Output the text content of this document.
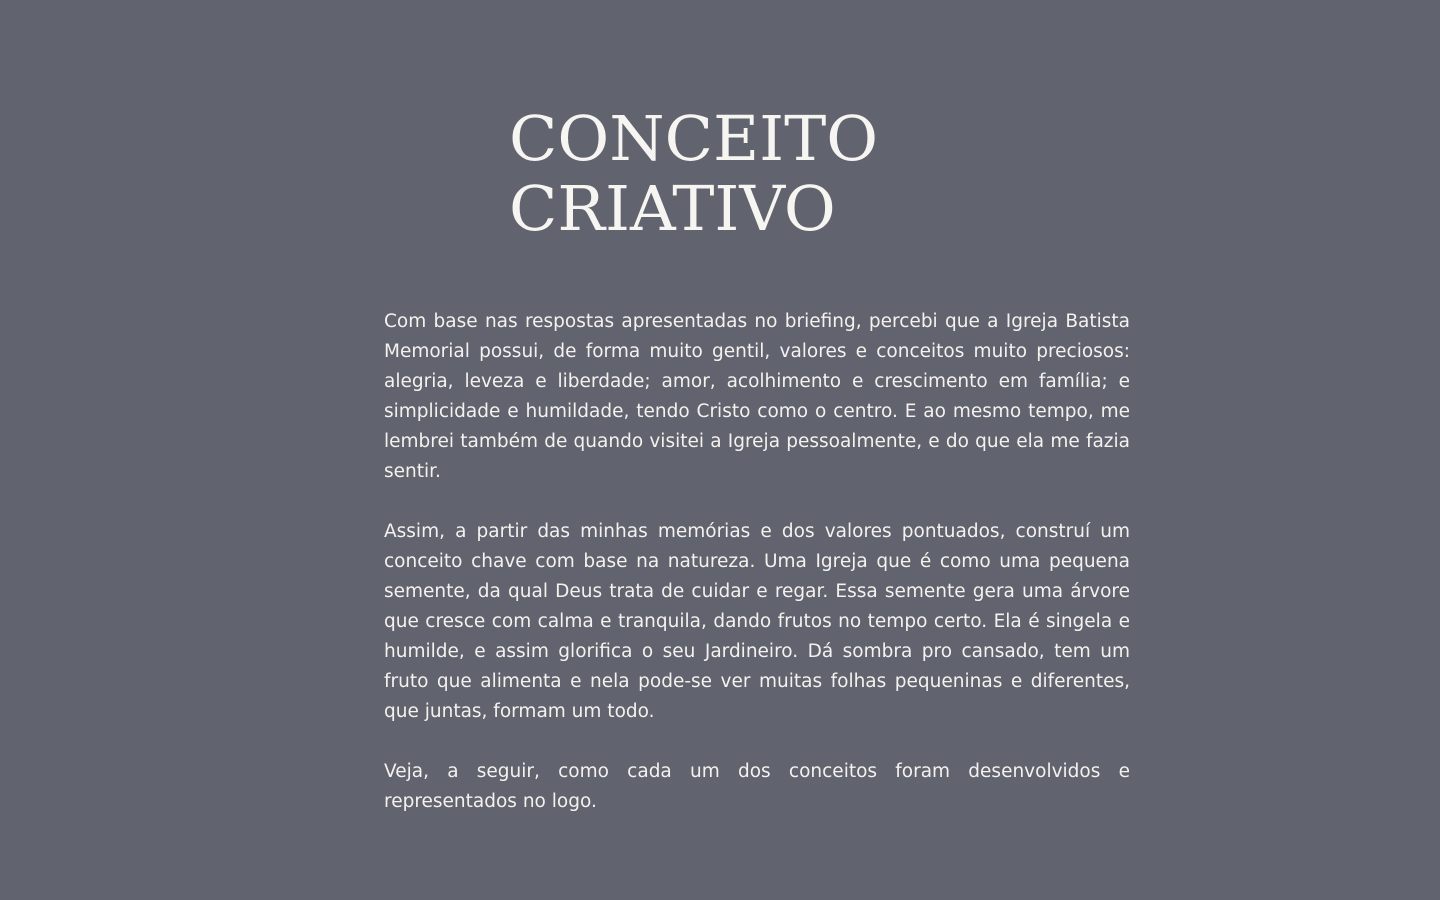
CONCEITO
CRIATIVO

Com base nas respostas apresentadas no briefing, percebi que a Igreja Batista Memorial possui, de forma muito gentil, valores e conceitos muito preciosos: alegria, leveza e liberdade; amor, acolhimento e crescimento em família; e simplicidade e humildade, tendo Cristo como o centro. E ao mesmo tempo, me lembrei também de quando visitei a Igreja pessoalmente, e do que ela me fazia sentir.

Assim, a partir das minhas memórias e dos valores pontuados, construí um conceito chave com base na natureza. Uma Igreja que é como uma pequena semente, da qual Deus trata de cuidar e regar. Essa semente gera uma árvore que cresce com calma e tranquila, dando frutos no tempo certo. Ela é singela e humilde, e assim glorifica o seu Jardineiro. Dá sombra pro cansado, tem um fruto que alimenta e nela pode-se ver muitas folhas pequeninas e diferentes, que juntas, formam um todo.

Veja, a seguir, como cada um dos conceitos foram desenvolvidos e representados no logo.
